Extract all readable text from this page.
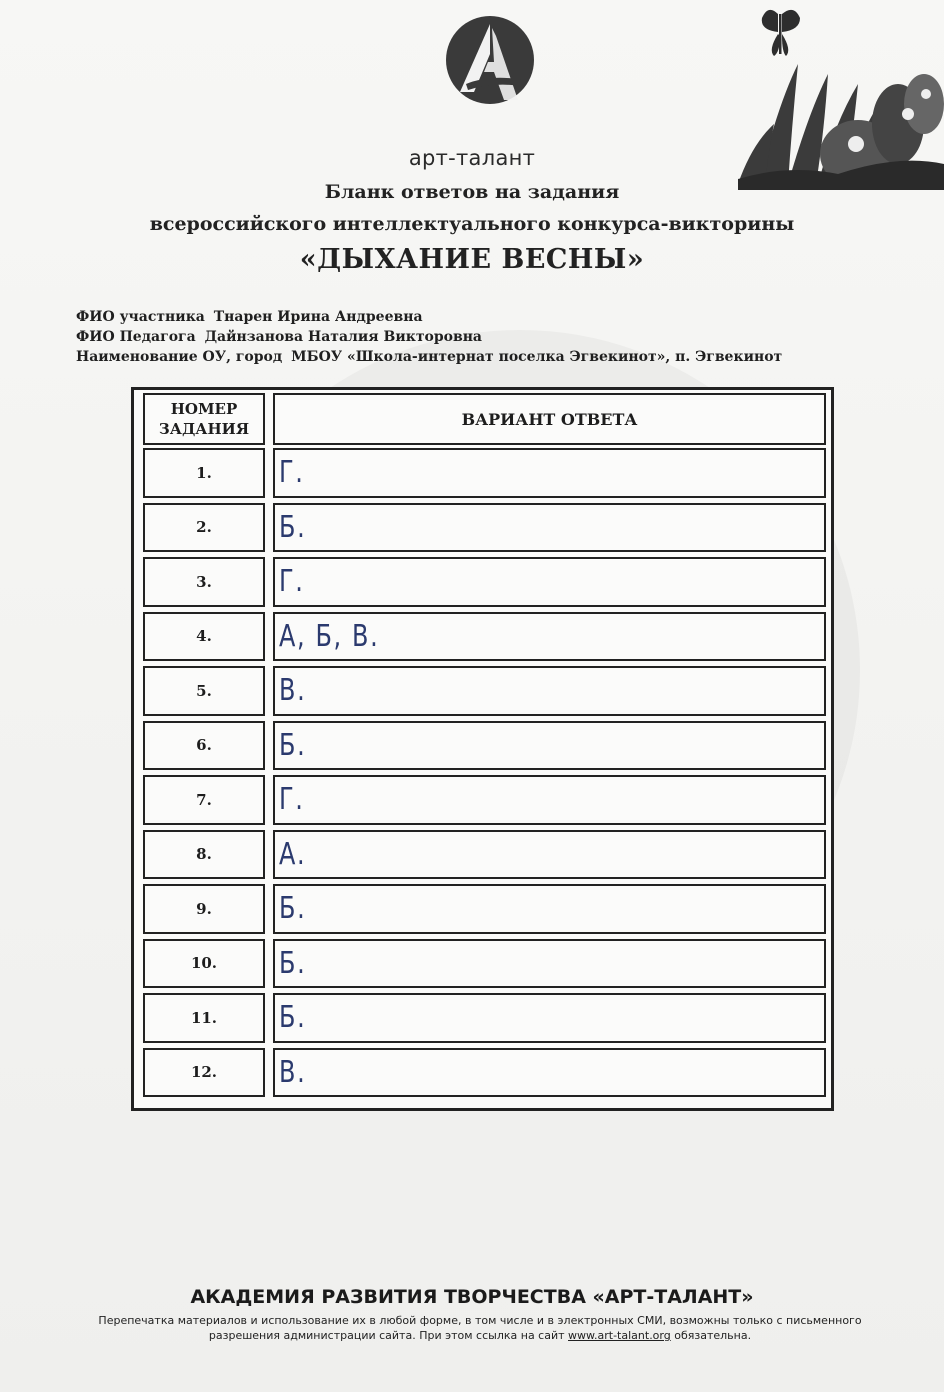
арт-талант
Бланк ответов на задания
всероссийского интеллектуального конкурса-викторины
«ДЫХАНИЕ ВЕСНЫ»
ФИО участника Тнарен Ирина Андреевна
ФИО Педагога Дайнзанова Наталия Викторовна
Наименование ОУ, город МБОУ «Школа-интернат поселка Эгвекинот», п. Эгвекинот
НОМЕР
ЗАДАНИЯ
ВАРИАНТ ОТВЕТА
1.	Г.
2.	Б.
3.	Г.
4.	А, Б, В.
5.	В.
6.	Б.
7.	Г.
8.	А.
9.	Б.
10.	Б.
11.	Б.
12.	В.
АКАДЕМИЯ РАЗВИТИЯ ТВОРЧЕСТВА «АРТ-ТАЛАНТ»
Перепечатка материалов и использование их в любой форме, в том числе и в электронных СМИ, возможны только с письменного разрешения администрации сайта. При этом ссылка на сайт www.art-talant.org обязательна.
